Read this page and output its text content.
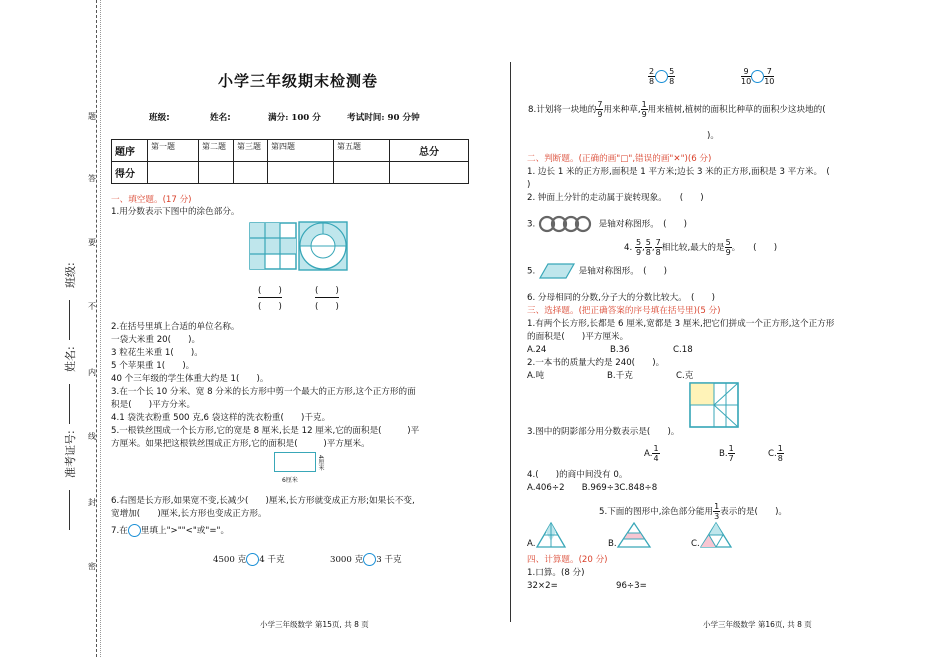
题
答
要
不
内
线
封
密
班级:
姓名:
准考证号:
小学三年级期末检测卷
班级:	姓名:	满分: 100 分	考试时间: 90 分钟
题序	第一题	第二题	第三题	第四题	第五题	总分
得分						
一、填空题。(17 分)
1.用分数表示下图中的涂色部分。
(　　)
(　　)
(　　)
(　　)
2.在括号里填上合适的单位名称。
一袋大米重 20(　　)。
3 粒花生米重 1(　　)。
5 个苹果重 1(　　)。
40 个三年级的学生体重大约是 1(　　)。
3.在一个长 10 分米、宽 8 分米的长方形中剪一个最大的正方形,这个正方形的面
积是(　　)平方分米。
4.1 袋洗衣粉重 500 克,6 袋这样的洗衣粉重(　　)千克。
5.一根铁丝围成一个长方形,它的宽是 8 厘米,长是 12 厘米,它的面积是(　　　)平
方厘米。如果把这根铁丝围成正方形,它的面积是(　　　)平方厘米。
4厘米
6厘米
6.右图是长方形,如果宽不变,长减少(　　)厘米,长方形就变成正方形;如果长不变,
宽增加(　　)厘米,长方形也变成正方形。
7.在 里填上">""<"或"="。
4500 克 4 千克	3000 克 3 千克
小学三年级数学 第15页, 共 8 页
$\frac{2}{8} \frac{5}{8}$	$\frac{9}{10} \frac{7}{10}$
8.计划将一块地的 $\frac{7}{9}$ 用来种草, $\frac{1}{9}$ 用来植树,植树的面积比种草的面积少这块地的(
)。
二、判断题。(正确的画"□",错误的画"✕")(6 分)
1. 边长 1 米的正方形,面积是 1 平方米;边长 3 米的正方形,面积是 3 平方米。　(
)
2. 钟面上分针的走动属于旋转现象。　　(　　)
3.	是轴对称图形。　(　　)
4. $\frac{5}{9}$ , $\frac{5}{8}$ , $\frac{7}{8}$ 相比较,最大的是 $\frac{5}{9}$ 。　　(　　)
5.	是轴对称图形。　(　　)
6. 分母相同的分数,分子大的分数比较大。　(　　)
三、选择题。(把正确答案的序号填在括号里)(5 分)
1.有两个长方形,长都是 6 厘米,宽都是 3 厘米,把它们拼成一个正方形,这个正方形
的面积是(　　)平方厘米。
A.24	B.36	C.18
2.一本书的质量大约是 240(　　)。
A.吨	B.千克	C.克
3.图中的阴影部分用分数表示是(　　)。
A. $\frac{1}{4}$	B. $\frac{1}{7}$	C. $\frac{1}{8}$
4.(　　)的商中间没有 0。
A.406÷2　　B.969÷3C.848÷8
5.下面的图形中,涂色部分能用 $\frac{1}{3}$ 表示的是(　　)。
A.	B.	C.
四、计算题。(20 分)
1.口算。(8 分)
32×2=	96÷3=
小学三年级数学 第16页, 共 8 页
